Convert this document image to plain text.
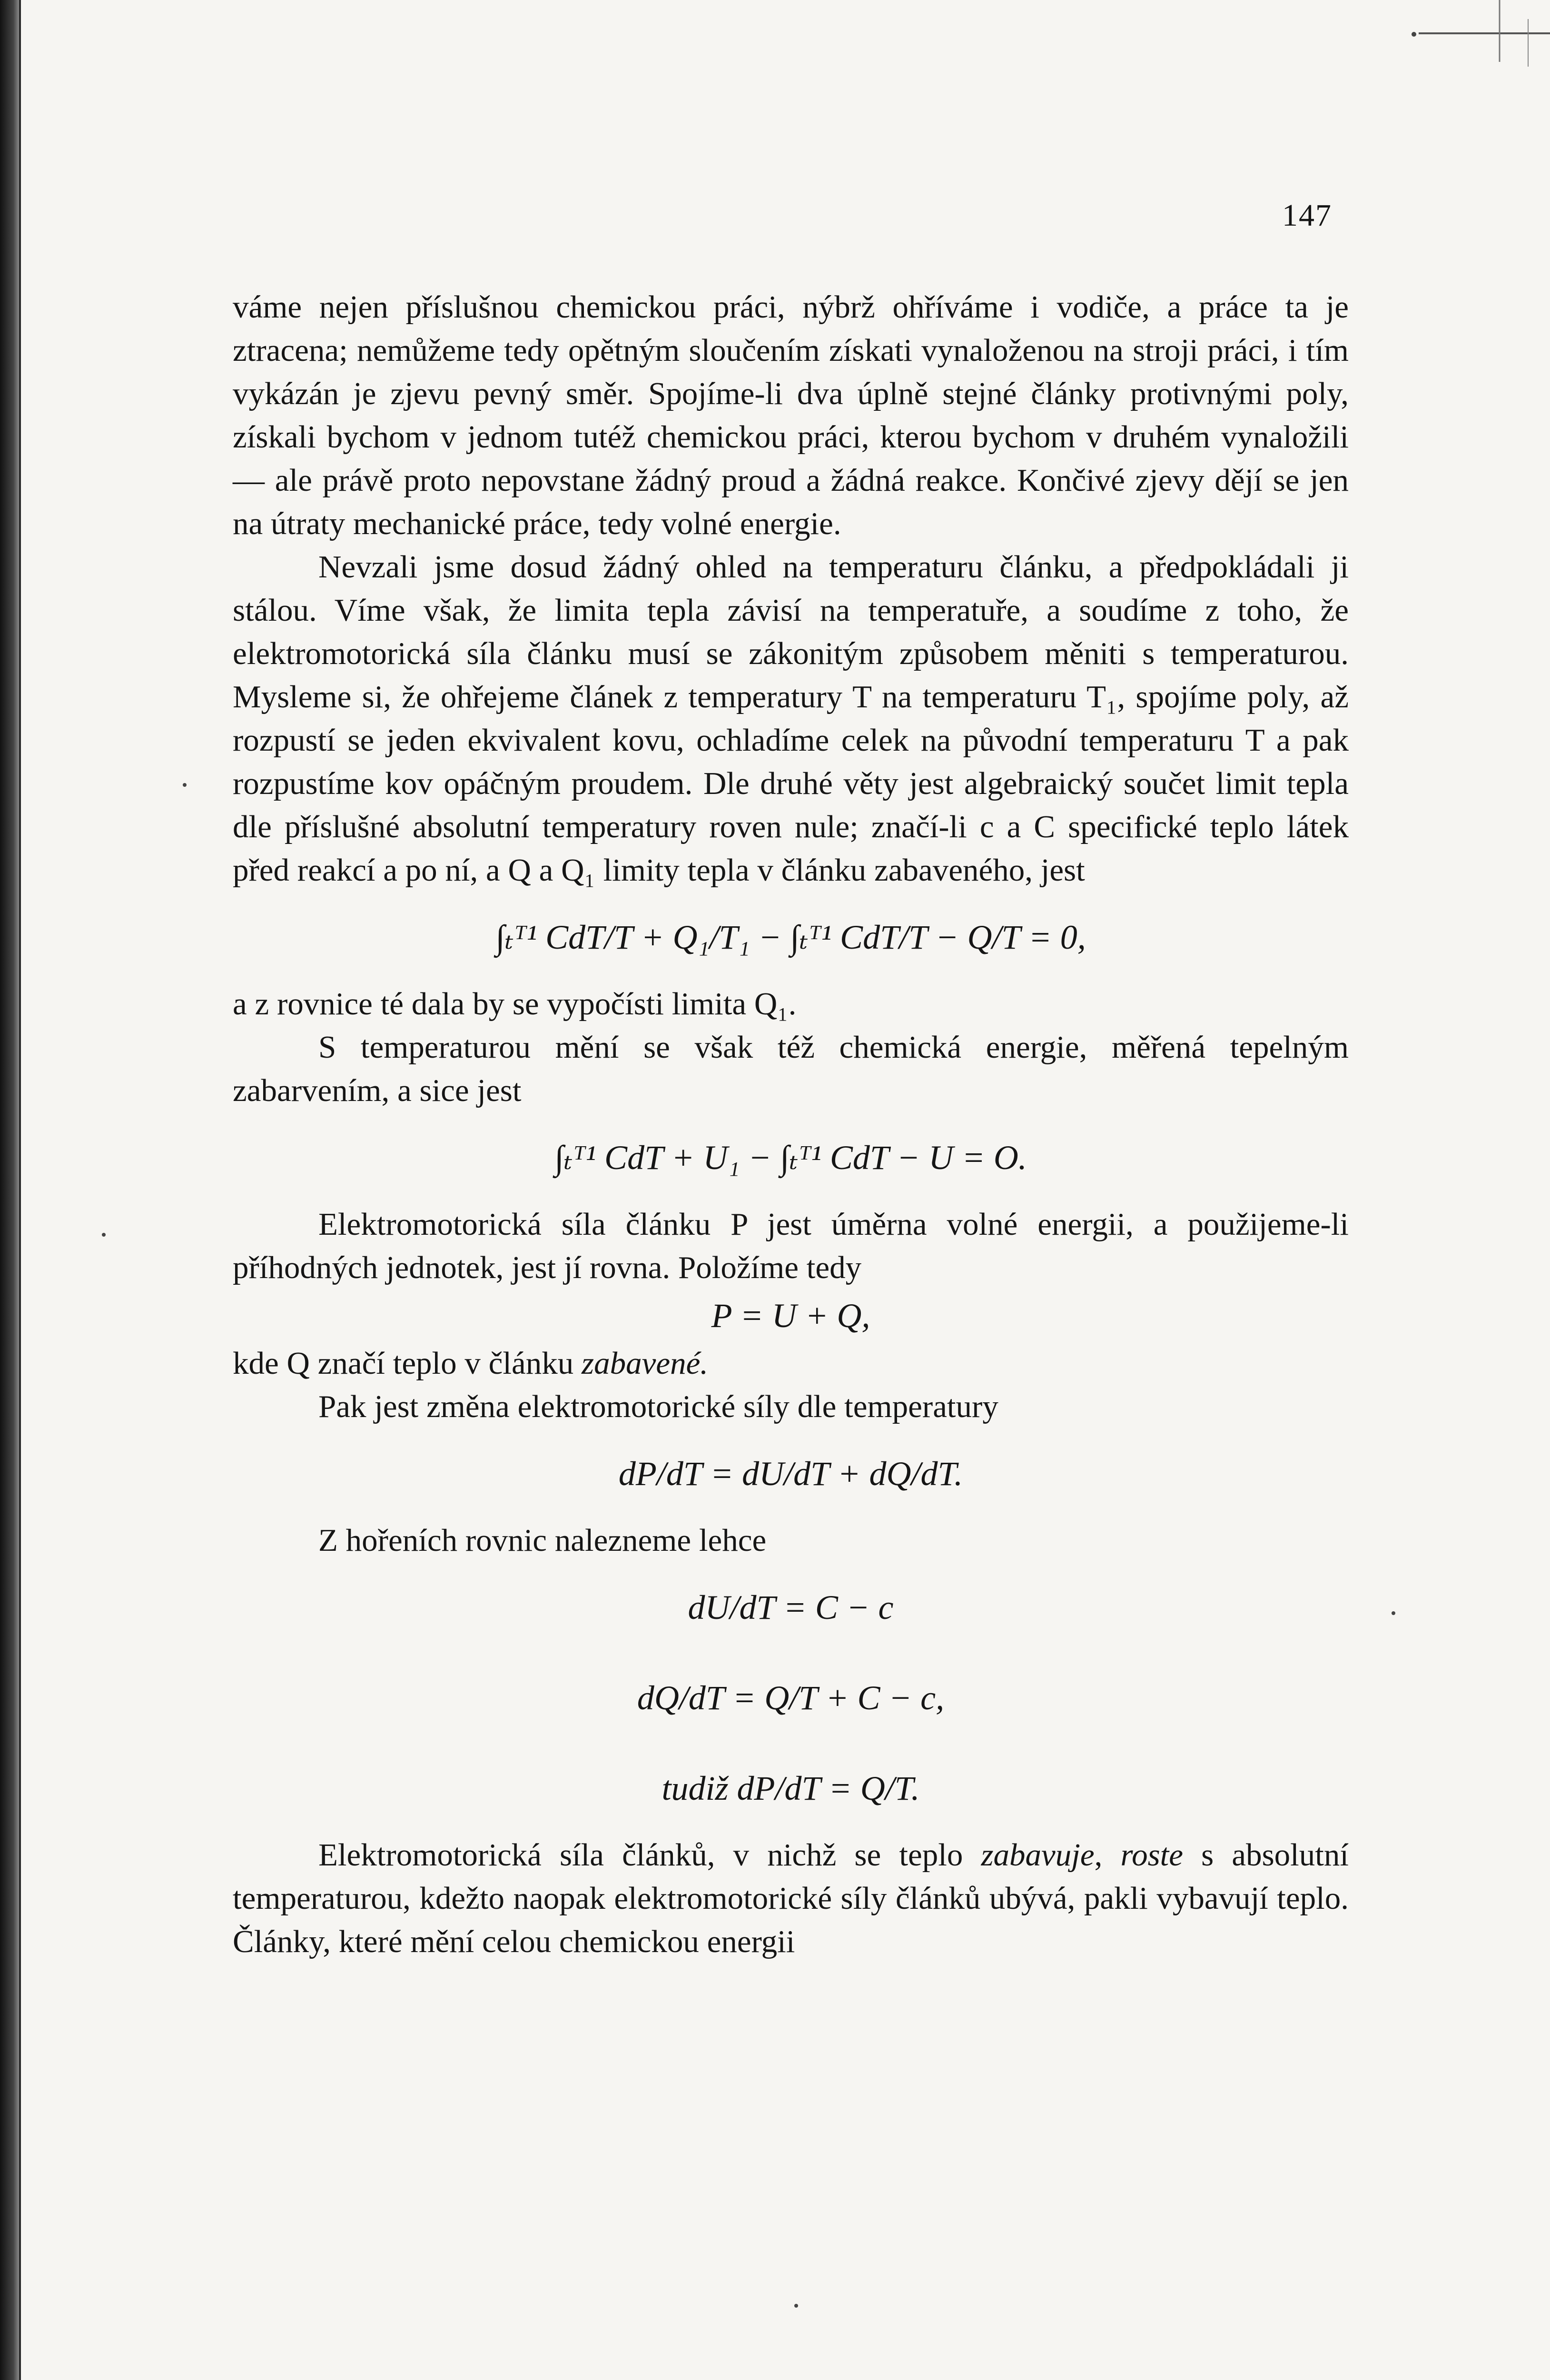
147

váme nejen příslušnou chemickou práci, nýbrž ohříváme i vodiče, a práce ta je ztracena; nemůžeme tedy opětným sloučením získati vynaloženou na stroji práci, i tím vykázán je zjevu pevný směr. Spojíme-li dva úplně stejné články protivnými poly, získali bychom v jednom tutéž chemickou práci, kterou bychom v druhém vynaložili — ale právě proto nepovstane žádný proud a žádná reakce. Končivé zjevy dějí se jen na útraty mechanické práce, tedy volné energie.

Nevzali jsme dosud žádný ohled na temperaturu článku, a předpokládali ji stálou. Víme však, že limita tepla závisí na temperatuře, a soudíme z toho, že elektromotorická síla článku musí se zákonitým způsobem měniti s temperaturou. Mysleme si, že ohřejeme článek z temperatury T na temperaturu T₁, spojíme poly, až rozpustí se jeden ekvivalent kovu, ochladíme celek na původní temperaturu T a pak rozpustíme kov opáčným proudem. Dle druhé věty jest algebraický součet limit tepla dle příslušné absolutní temperatury roven nule; značí-li c a C specifické teplo látek před reakcí a po ní, a Q a Q₁ limity tepla v článku zabaveného, jest

∫ₜᵀ¹ CdT/T + Q₁/T₁ − ∫ₜᵀ¹ CdT/T − Q/T = 0,

a z rovnice té dala by se vypočísti limita Q₁.

S temperaturou mění se však též chemická energie, měřená tepelným zabarvením, a sice jest

∫ₜᵀ¹ CdT + U₁ − ∫ₜᵀ¹ CdT − U = O.

Elektromotorická síla článku P jest úměrna volné energii, a použijeme-li příhodných jednotek, jest jí rovna. Položíme tedy

P = U + Q,

kde Q značí teplo v článku zabavené.

Pak jest změna elektromotorické síly dle temperatury

dP/dT = dU/dT + dQ/dT.

Z hořeních rovnic nalezneme lehce

dU/dT = C − c

dQ/dT = Q/T + C − c,

tudiž dP/dT = Q/T.

Elektromotorická síla článků, v nichž se teplo zabavuje, roste s absolutní temperaturou, kdežto naopak elektromotorické síly článků ubývá, pakli vybavují teplo. Články, které mění celou chemickou energii
